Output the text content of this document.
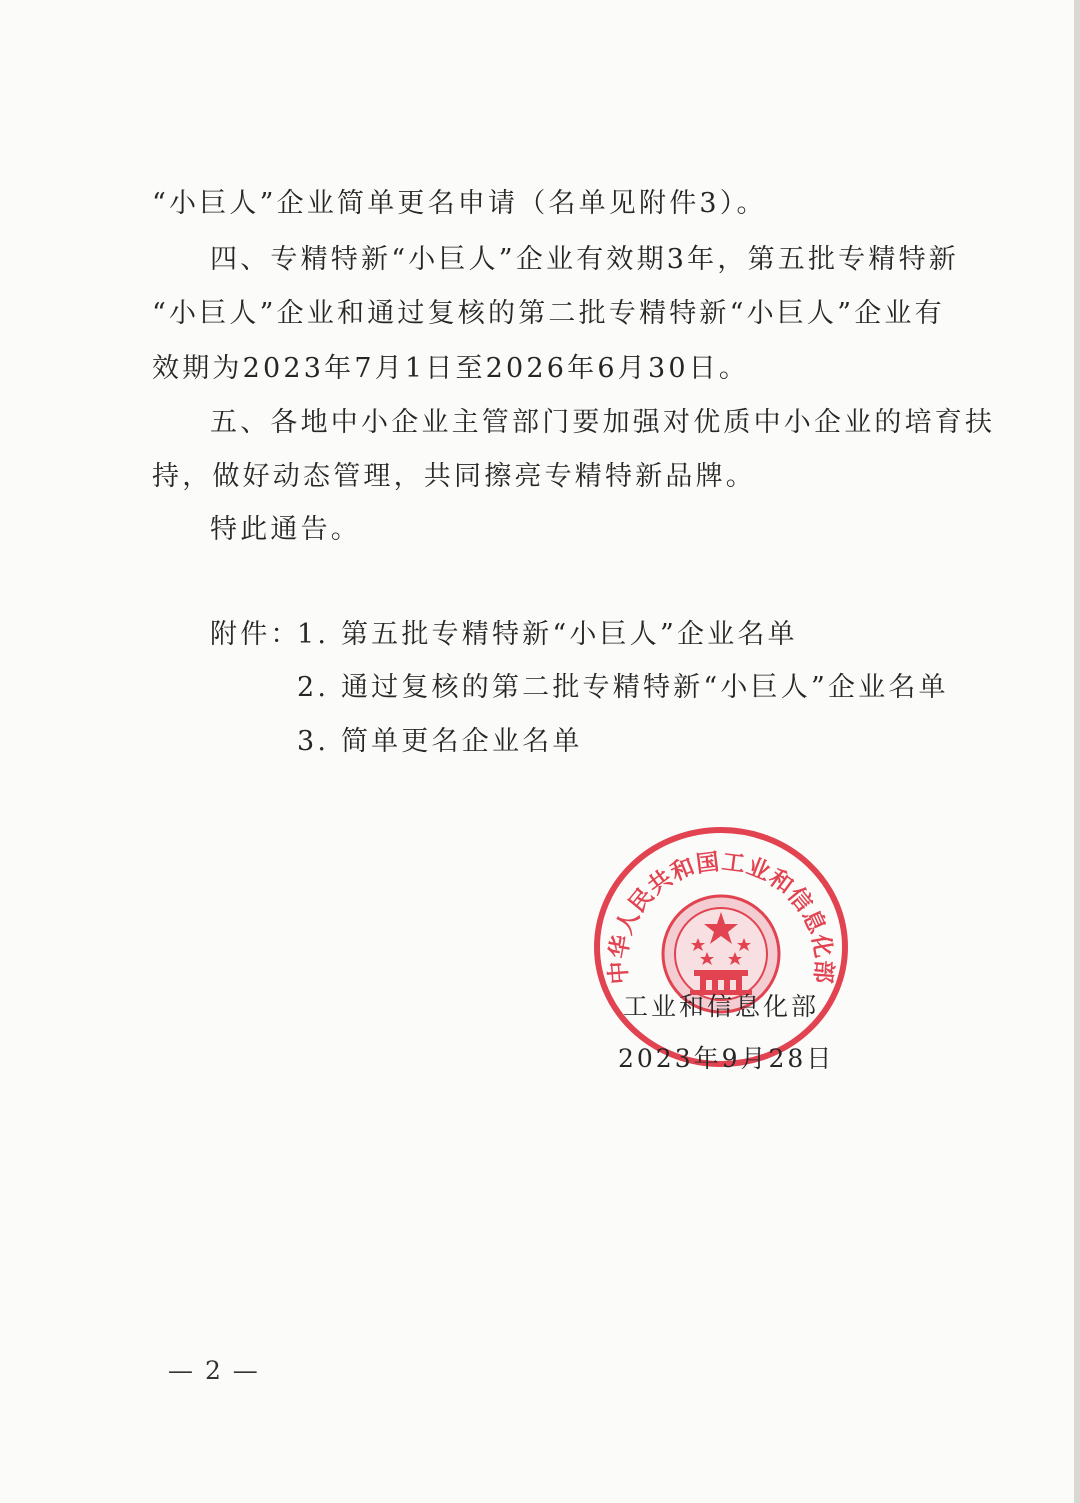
“小巨人”企业简单更名申请（名单见附件3）。
四、专精特新“小巨人”企业有效期3年，第五批专精特新
“小巨人”企业和通过复核的第二批专精特新“小巨人”企业有
效期为2023年7月1日至2026年6月30日。
五、各地中小企业主管部门要加强对优质中小企业的培育扶
持，做好动态管理，共同擦亮专精特新品牌。
特此通告。
附件：
1. 第五批专精特新“小巨人”企业名单
2. 通过复核的第二批专精特新“小巨人”企业名单
3. 简单更名企业名单
中华人民共和国工业和信息化部
工业和信息化部
2023年9月28日
— 2 —
